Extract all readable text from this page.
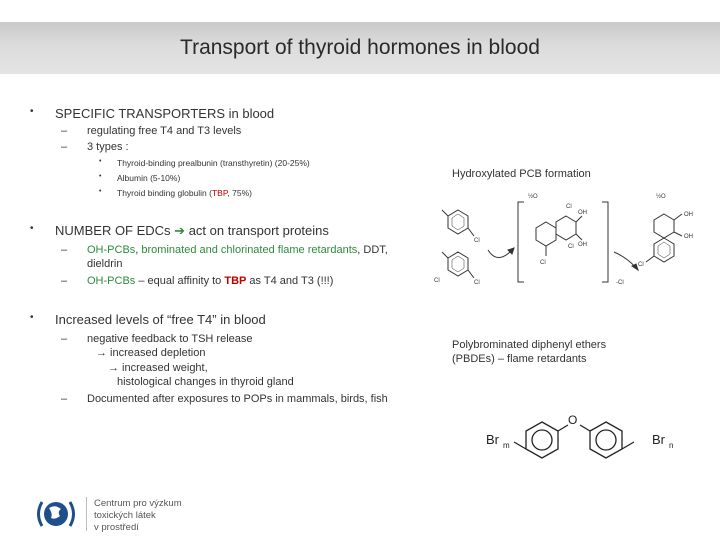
Transport of thyroid hormones in blood
• SPECIFIC TRANSPORTERS in blood
– regulating free T4 and T3 levels
– 3 types :
• Thyroid-binding prealbunin (transthyretin) (20-25%)
• Albumin (5-10%)
• Thyroid binding globulin (TBP, 75%)
• NUMBER OF EDCs ➔ act on transport proteins
– OH-PCBs, brominated and chlorinated flame retardants, DDT,
dieldrin
– OH-PCBs – equal affinity to TBP as T4 and T3 (!!!)
• Increased levels of “free T4” in blood
– negative feedback to TSH release
→ increased depletion
→ increased weight,
histological changes in thyroid gland
– Documented after exposures to POPs in mammals, birds, fish
Hydroxylated PCB formation
½O	½O
Cl
Cl
Cl
OH
OH
Cl
Cl
Cl
OH
OH
Cl
-Cl
Polybrominated diphenyl ethers
(PBDEs) – flame retardants
O
Br m	Br n
Centrum pro výzkum
toxických látek
v prostředí
